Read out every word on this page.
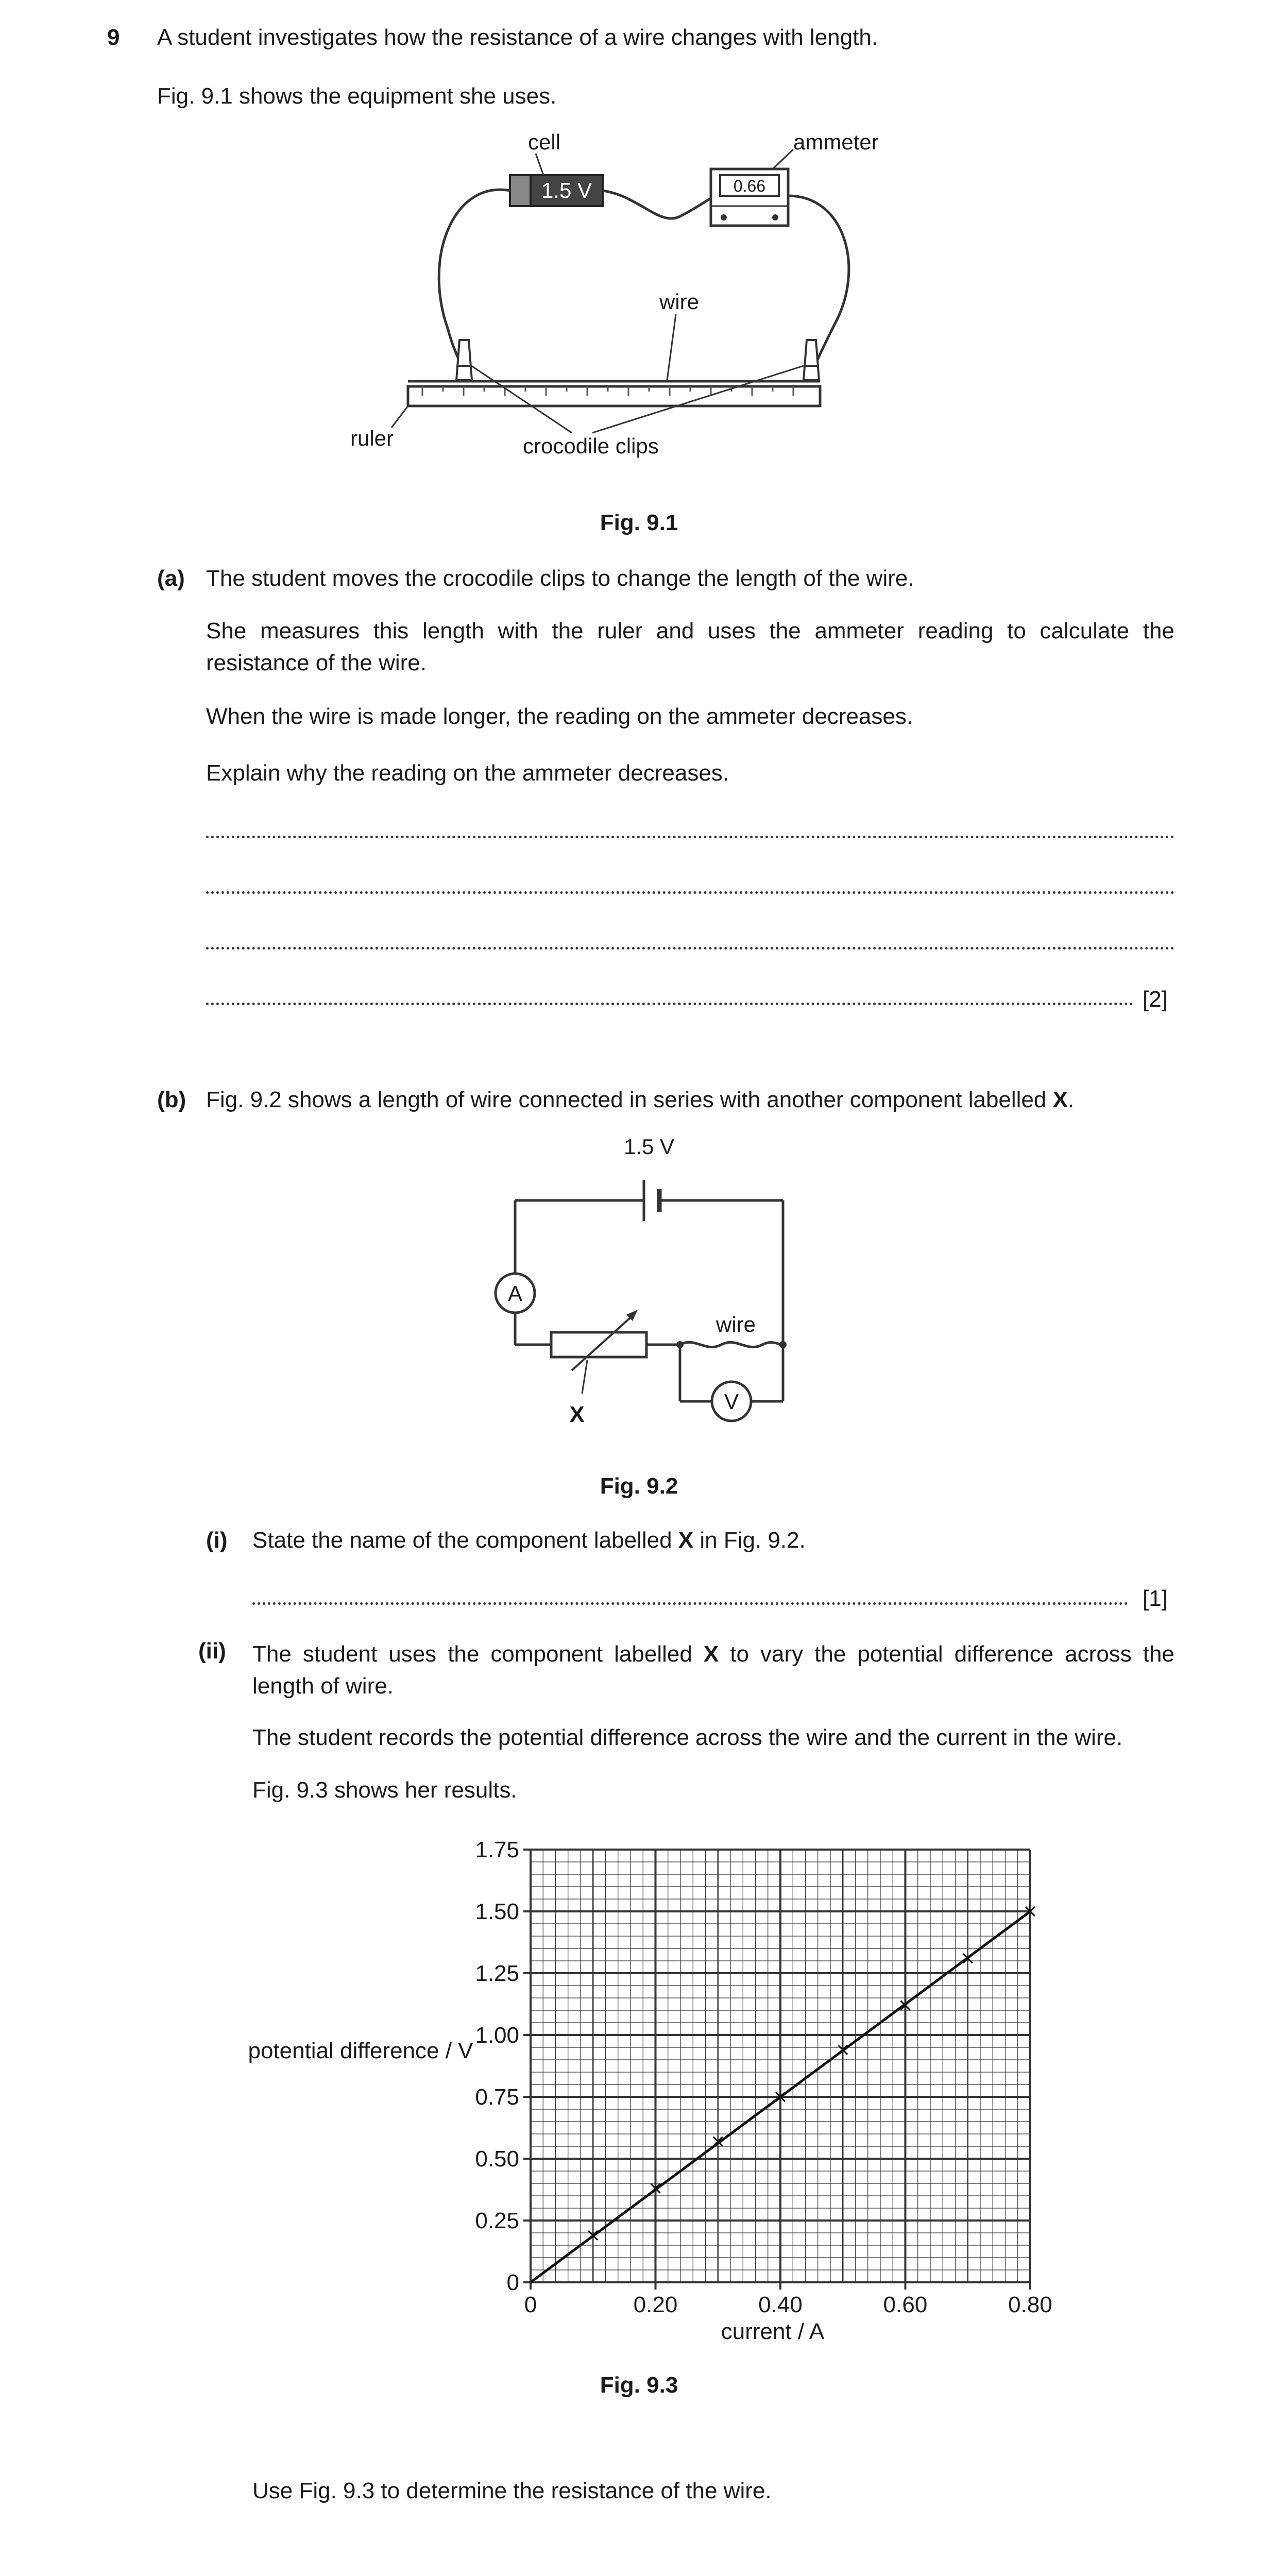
9 A student investigates how the resistance of a wire changes with length.
Fig. 9.1 shows the equipment she uses.
1.5 V	0.66
cell	ammeter
wire
ruler	crocodile clips
Fig. 9.1
(a) The student moves the crocodile clips to change the length of the wire.
She measures this length with the ruler and uses the ammeter reading to calculate the resistance of the wire.
When the wire is made longer, the reading on the ammeter decreases.
Explain why the reading on the ammeter decreases.
[2]
(b) Fig. 9.2 shows a length of wire connected in series with another component labelled X.
1.5 V
A
wire
V
X
Fig. 9.2
(i) State the name of the component labelled X in Fig. 9.2.
[1]
(ii) The student uses the component labelled X to vary the potential difference across the length of wire.
The student records the potential difference across the wire and the current in the wire.
Fig. 9.3 shows her results.
0
0.25
0.50
0.75
1.00
1.25
1.50
1.75
0	0.20	0.40	0.60	0.80
potential difference / V
current / A
Fig. 9.3
Use Fig. 9.3 to determine the resistance of the wire.
